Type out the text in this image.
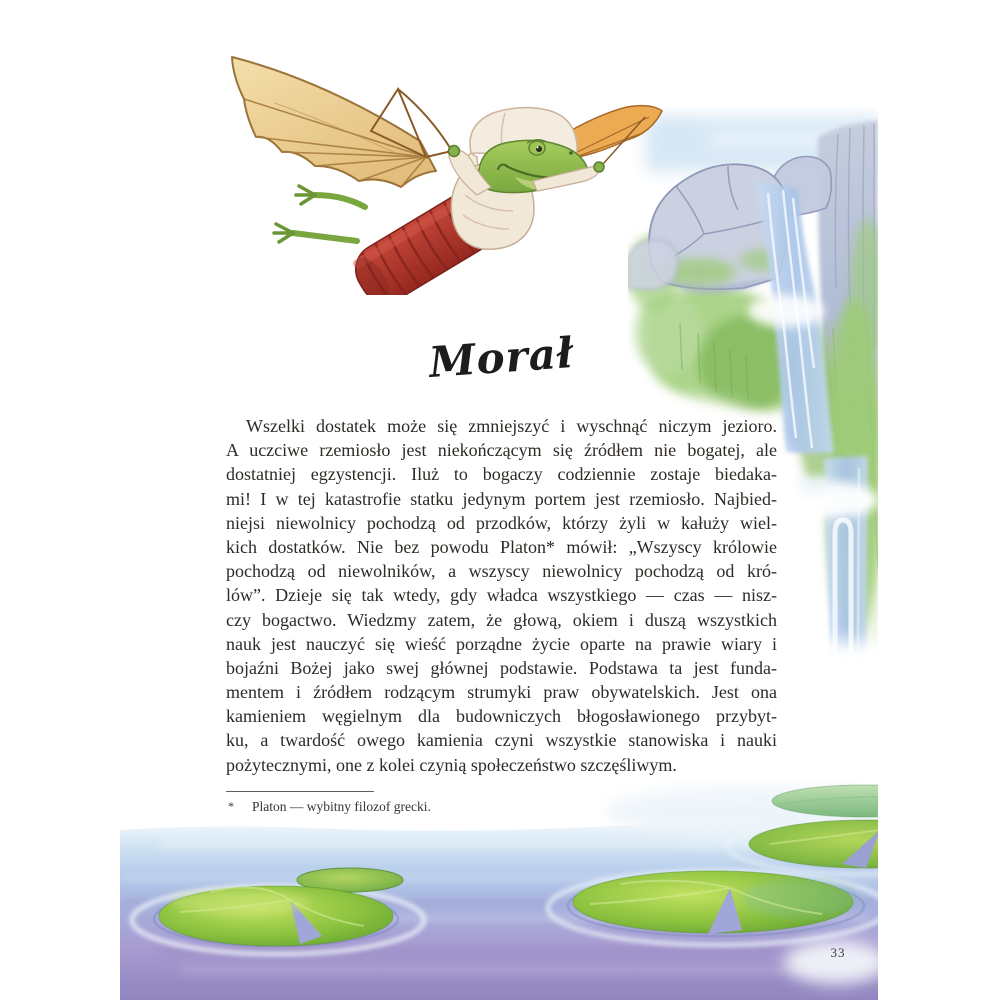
Morał
Wszelki dostatek może się zmniejszyć i wyschnąć niczym jezioro.
A uczciwe rzemiosło jest niekończącym się źródłem nie bogatej, ale
dostatniej egzystencji. Iluż to bogaczy codziennie zostaje biedaka-
mi! I w tej katastrofie statku jedynym portem jest rzemiosło. Najbied-
niejsi niewolnicy pochodzą od przodków, którzy żyli w kałuży wiel-
kich dostatków. Nie bez powodu Platon* mówił: „Wszyscy królowie
pochodzą od niewolników, a wszyscy niewolnicy pochodzą od kró-
lów”. Dzieje się tak wtedy, gdy władca wszystkiego — czas — nisz-
czy bogactwo. Wiedzmy zatem, że głową, okiem i duszą wszystkich
nauk jest nauczyć się wieść porządne życie oparte na prawie wiary i
bojaźni Bożej jako swej głównej podstawie. Podstawa ta jest funda-
mentem i źródłem rodzącym strumyki praw obywatelskich. Jest ona
kamieniem węgielnym dla budowniczych błogosławionego przybyt-
ku, a twardość owego kamienia czyni wszystkie stanowiska i nauki
pożytecznymi, one z kolei czynią społeczeństwo szczęśliwym.
* Platon — wybitny filozof grecki.
33
